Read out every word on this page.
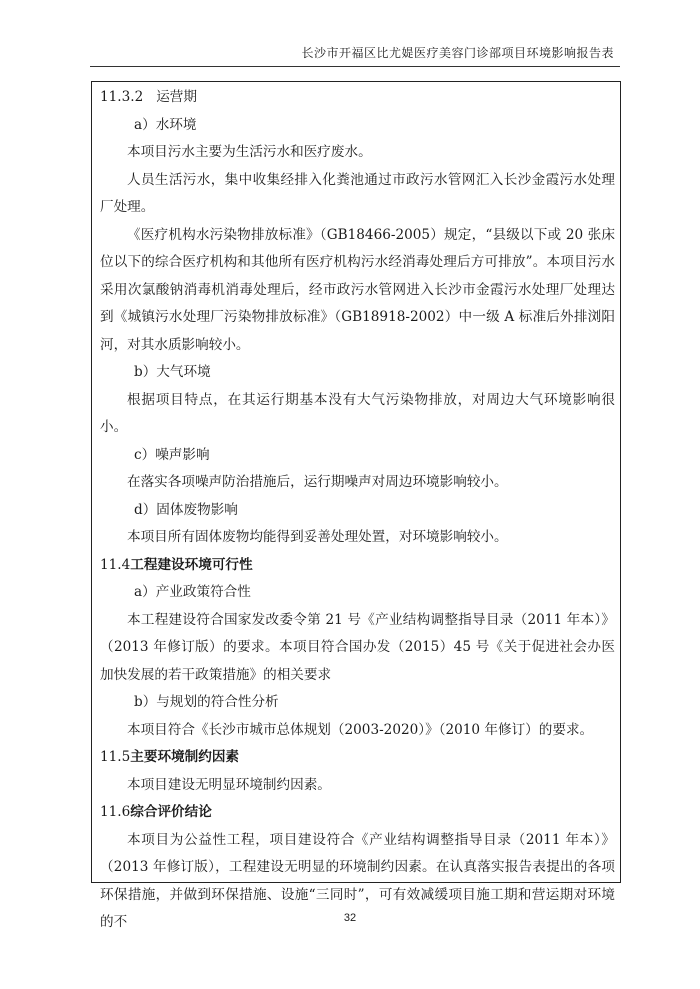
长沙市开福区比尤媞医疗美容门诊部项目环境影响报告表
11.3.2 运营期
a）水环境
本项目污水主要为生活污水和医疗废水。
人员生活污水，集中收集经排入化粪池通过市政污水管网汇入长沙金霞污水处理厂处理。
《医疗机构水污染物排放标准》（GB18466-2005）规定，“县级以下或 20 张床位以下的综合医疗机构和其他所有医疗机构污水经消毒处理后方可排放”。本项目污水采用次氯酸钠消毒机消毒处理后，经市政污水管网进入长沙市金霞污水处理厂处理达到《城镇污水处理厂污染物排放标准》（GB18918-2002）中一级 A 标准后外排浏阳河，对其水质影响较小。
b）大气环境
根据项目特点，在其运行期基本没有大气污染物排放，对周边大气环境影响很小。
c）噪声影响
在落实各项噪声防治措施后，运行期噪声对周边环境影响较小。
d）固体废物影响
本项目所有固体废物均能得到妥善处理处置，对环境影响较小。
11.4工程建设环境可行性
a）产业政策符合性
本工程建设符合国家发改委令第 21 号《产业结构调整指导目录（2011 年本）》（2013 年修订版）的要求。本项目符合国办发（2015）45 号《关于促进社会办医加快发展的若干政策措施》的相关要求
b）与规划的符合性分析
本项目符合《长沙市城市总体规划（2003-2020）》（2010 年修订）的要求。
11.5主要环境制约因素
本项目建设无明显环境制约因素。
11.6综合评价结论
本项目为公益性工程，项目建设符合《产业结构调整指导目录（2011 年本）》（2013 年修订版），工程建设无明显的环境制约因素。在认真落实报告表提出的各项环保措施，并做到环保措施、设施“三同时”，可有效减缓项目施工期和营运期对环境的不	32
